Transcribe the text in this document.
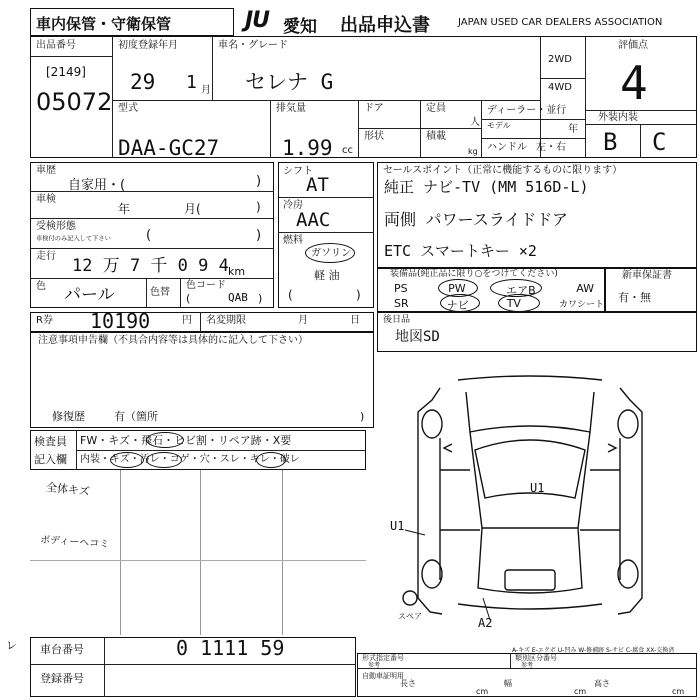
車内保管・守衛保管	JU 愛知 出品申込書	JAPAN USED CAR DEALERS ASSOCIATION
出品番号
[2149]
05072
初度登録年月
29 1 月
車名・グレード
セレナ G
2WD
4WD
評価点
4
型式
DAA-GC27
排気量
1.99 cc
ドア	定員
人
形状	積載
kg
ディーラー・並行
モデル	年
ハンドル 左・右
外装内装
B C
車歴
自家用・(	)
車検
年	月(	)
受検形態
車検付のみ記入して下さい	(	)
走行 12 万 7 千 0 9 4 km
色 パール	色替
色コード
(	QAB )
シフト
AT
冷房
AAC
燃料
ガソリン
軽 油
(	)
セールスポイント（正常に機能するものに限ります）
純正 ナビ-TV (MM 516D-L)
両側 パワースライドドア
ETC スマートキー ×2
装備品(純正品に限り○をつけてください)
PS	PW	エアB	AW
SR	ナビ	TV	カワシート
新車保証書
有・無
R券 10190	円 名変期限	月	日
注意事項申告欄（不具合内容等は具体的に記入して下さい）
修復歴	有（箇所	)
後日品
地図SD
検査員
記入欄
FW・キズ・飛石・ヒビ割・リペア跡・X要
内装・キズ・汚レ・コゲ・穴・スレ・キレ・破レ
全体キズ
ボディーヘコミ
U1
U1
A2
スペア
A-キズ E-エクボ U-凹み W-修補跡 S-サビ C-腐食 XX-交換済
車台番号	0 1111 59
登録番号
レ
形式指定番号
参考
類別区分番号
参考
自動車証明用
長さ
cm
幅
cm
高さ
cm
